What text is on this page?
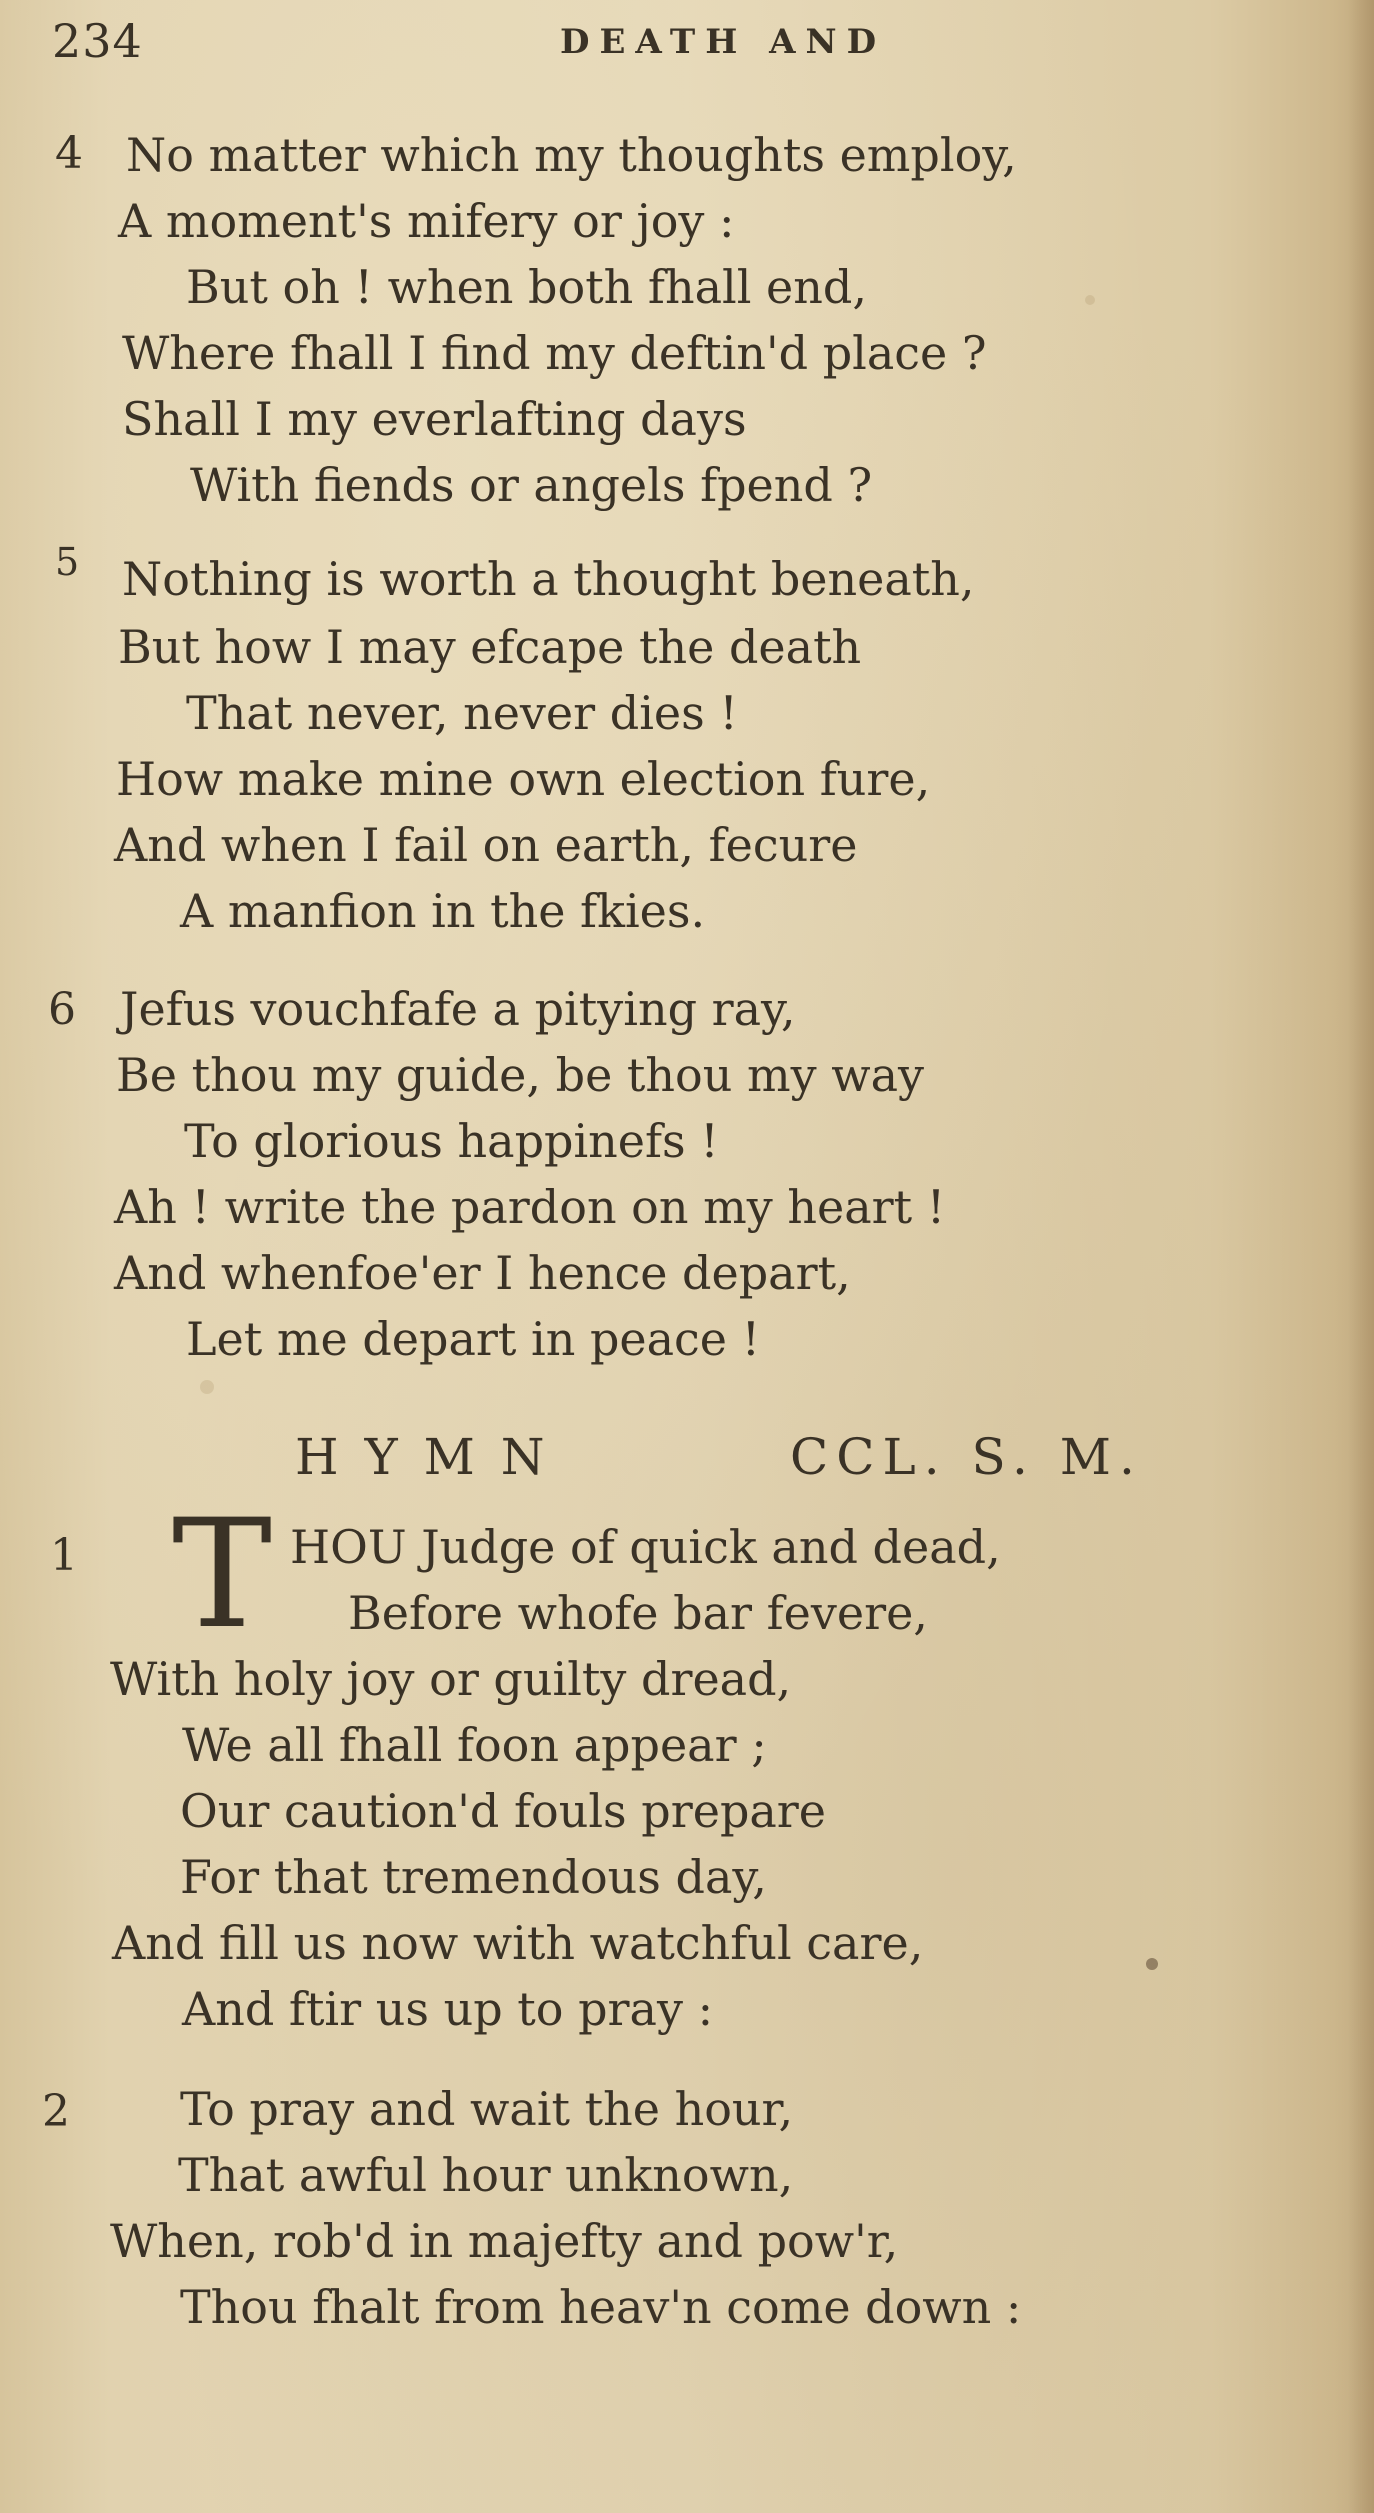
234	DEATH AND
4 No matter which my thoughts employ,
A moment's mifery or joy :
But oh ! when both fhall end,
Where fhall I find my deftin'd place ?
Shall I my everlafting days
With fiends or angels fpend ?
5 Nothing is worth a thought beneath,
But how I may efcape the death
That never, never dies !
How make mine own election fure,
And when I fail on earth, fecure
A manfion in the fkies.
6 Jefus vouchfafe a pitying ray,
Be thou my guide, be thou my way
To glorious happinefs !
Ah ! write the pardon on my heart !
And whenfoe'er I hence depart,
Let me depart in peace !
HYMN	CCL. S. M.
1 T HOU Judge of quick and dead,
Before whofe bar fevere,
With holy joy or guilty dread,
We all fhall foon appear ;
Our caution'd fouls prepare
For that tremendous day,
And fill us now with watchful care,
And ftir us up to pray :
2 To pray and wait the hour,
That awful hour unknown,
When, rob'd in majefty and pow'r,
Thou fhalt from heav'n come down :
